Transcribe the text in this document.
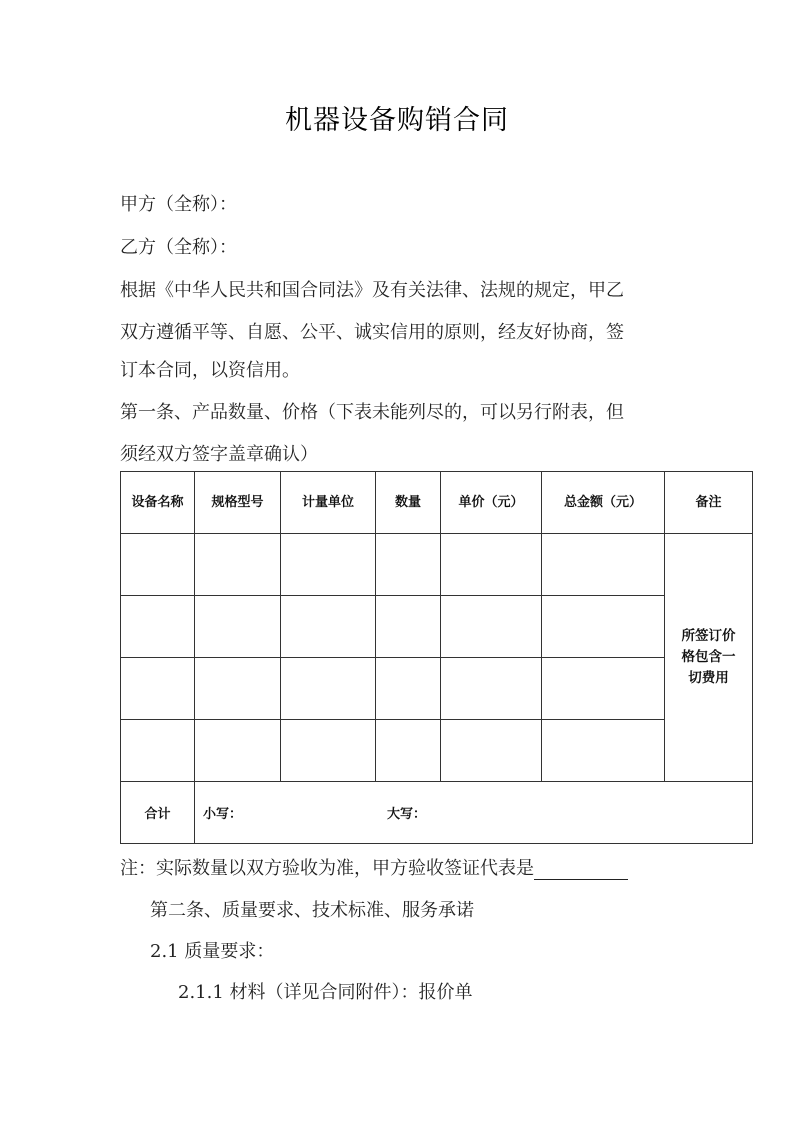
机器设备购销合同
甲方（全称）：
乙方（全称）：
根据《中华人民共和国合同法》及有关法律、法规的规定，甲乙
双方遵循平等、自愿、公平、诚实信用的原则，经友好协商，签
订本合同，以资信用。
第一条、产品数量、价格（下表未能列尽的，可以另行附表，但
须经双方签字盖章确认）
设备名称	规格型号	计量单位	数量	单价（元）	总金额（元）	备注
						所签订价格包含一切费用

合计	小写： 大写：					
注：实际数量以双方验收为准，甲方验收签证代表是
第二条、质量要求、技术标准、服务承诺
2.1 质量要求：
2.1.1 材料（详见合同附件）：报价单
